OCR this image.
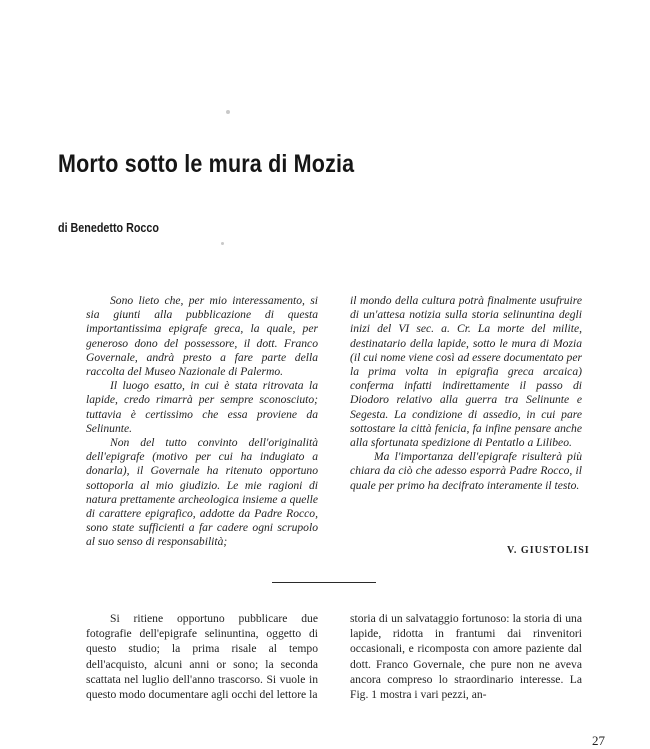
Morto sotto le mura di Mozia
di Benedetto Rocco

Sono lieto che, per mio interessamento, si sia giunti alla pubblicazione di questa importantissima epigrafe greca, la quale, per generoso dono del possessore, il dott. Franco Governale, andrà presto a fare parte della raccolta del Museo Nazionale di Palermo.

Il luogo esatto, in cui è stata ritrovata la lapide, credo rimarrà per sempre sconosciuto; tuttavia è certissimo che essa proviene da Selinunte.

Non del tutto convinto dell'originalità dell'epigrafe (motivo per cui ha indugiato a donarla), il Governale ha ritenuto opportuno sottoporla al mio giudizio. Le mie ragioni di natura prettamente archeologica insieme a quelle di carattere epigrafico, addotte da Padre Rocco, sono state sufficienti a far cadere ogni scrupolo al suo senso di responsabilità;

il mondo della cultura potrà finalmente usufruire di un'attesa notizia sulla storia selinuntina degli inizi del VI sec. a. Cr. La morte del milite, destinatario della lapide, sotto le mura di Mozia (il cui nome viene così ad essere documentato per la prima volta in epigrafia greca arcaica) conferma infatti indirettamente il passo di Diodoro relativo alla guerra tra Selinunte e Segesta. La condizione di assedio, in cui pare sottostare la città fenicia, fa infine pensare anche alla sfortunata spedizione di Pentatlo a Lilibeo.

Ma l'importanza dell'epigrafe risulterà più chiara da ciò che adesso esporrà Padre Rocco, il quale per primo ha decifrato interamente il testo.

V. GIUSTOLISI

Si ritiene opportuno pubblicare due fotografie dell'epigrafe selinuntina, oggetto di questo studio; la prima risale al tempo dell'acquisto, alcuni anni or sono; la seconda scattata nel luglio dell'anno trascorso. Si vuole in questo modo documentare agli occhi del lettore la

storia di un salvataggio fortunoso: la storia di una lapide, ridotta in frantumi dai rinvenitori occasionali, e ricomposta con amore paziente dal dott. Franco Governale, che pure non ne aveva ancora compreso lo straordinario interesse. La Fig. 1 mostra i vari pezzi, an-

27
